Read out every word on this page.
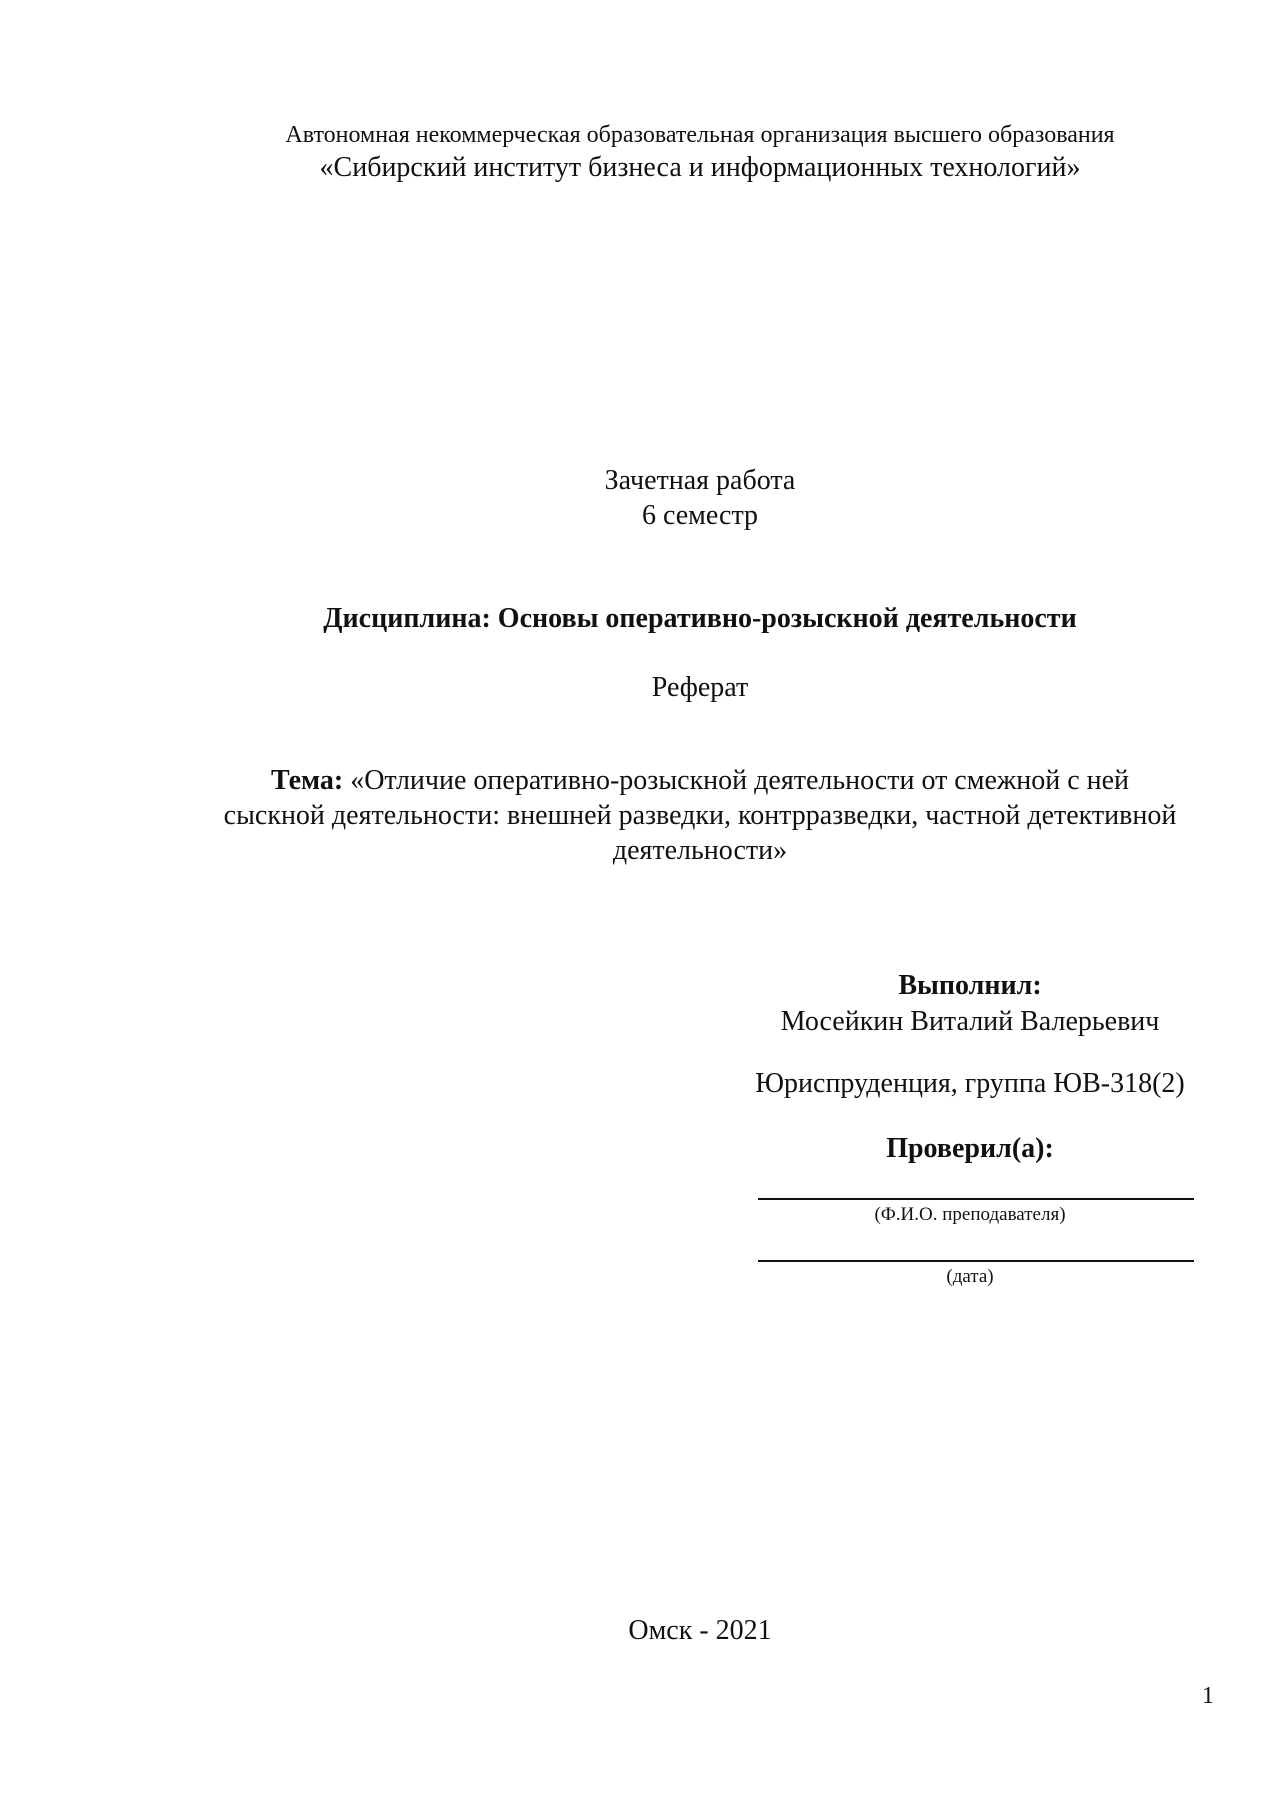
Автономная некоммерческая образовательная организация высшего образования
«Сибирский институт бизнеса и информационных технологий»
Зачетная работа
6 семестр
Дисциплина: Основы оперативно-розыскной деятельности
Реферат
Тема: «Отличие оперативно-розыскной деятельности от смежной с ней
сыскной деятельности: внешней разведки, контрразведки, частной детективной
деятельности»
Выполнил:
Мосейкин Виталий Валерьевич
Юриспруденция, группа ЮВ-318(2)
Проверил(а):
(Ф.И.О. преподавателя)
(дата)
Омск - 2021
1
